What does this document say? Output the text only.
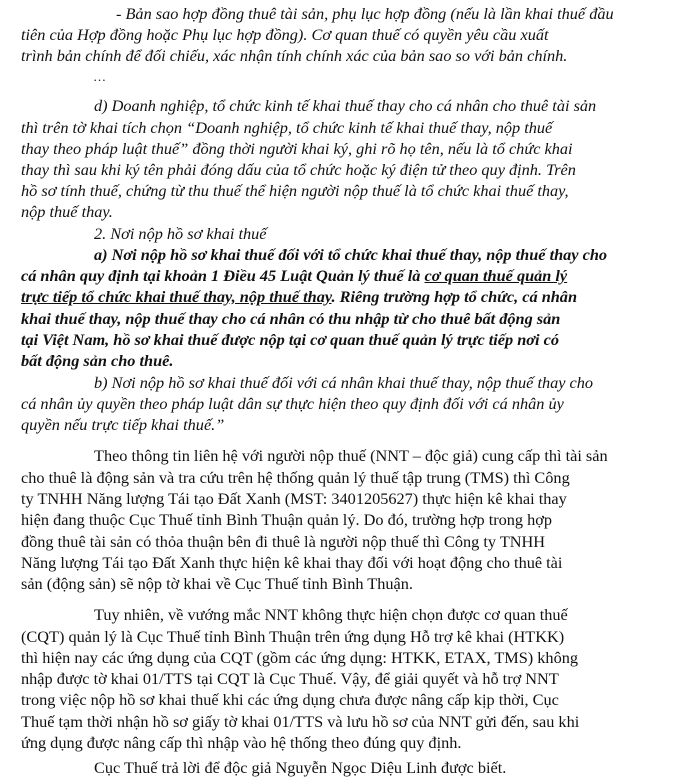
- Bản sao hợp đồng thuê tài sản, phụ lục hợp đồng (nếu là lần khai thuế đầu
tiên của Hợp đồng hoặc Phụ lục hợp đồng). Cơ quan thuế có quyền yêu cầu xuất
trình bản chính để đối chiếu, xác nhận tính chính xác của bản sao so với bản chính.
…
d) Doanh nghiệp, tổ chức kinh tế khai thuế thay cho cá nhân cho thuê tài sản
thì trên tờ khai tích chọn “Doanh nghiệp, tổ chức kinh tế khai thuế thay, nộp thuế
thay theo pháp luật thuế” đồng thời người khai ký, ghi rõ họ tên, nếu là tổ chức khai
thay thì sau khi ký tên phải đóng dấu của tổ chức hoặc ký điện tử theo quy định. Trên
hồ sơ tính thuế, chứng từ thu thuế thể hiện người nộp thuế là tổ chức khai thuế thay,
nộp thuế thay.
2. Nơi nộp hồ sơ khai thuế
a) Nơi nộp hồ sơ khai thuế đối với tổ chức khai thuế thay, nộp thuế thay cho
cá nhân quy định tại khoản 1 Điều 45 Luật Quản lý thuế là cơ quan thuế quản lý
trực tiếp tổ chức khai thuế thay, nộp thuế thay. Riêng trường hợp tổ chức, cá nhân
khai thuế thay, nộp thuế thay cho cá nhân có thu nhập từ cho thuê bất động sản
tại Việt Nam, hồ sơ khai thuế được nộp tại cơ quan thuế quản lý trực tiếp nơi có
bất động sản cho thuê.
b) Nơi nộp hồ sơ khai thuế đối với cá nhân khai thuế thay, nộp thuế thay cho
cá nhân ủy quyền theo pháp luật dân sự thực hiện theo quy định đối với cá nhân ủy
quyền nếu trực tiếp khai thuế.”
Theo thông tin liên hệ với người nộp thuế (NNT – độc giả) cung cấp thì tài sản
cho thuê là động sản và tra cứu trên hệ thống quản lý thuế tập trung (TMS) thì Công
ty TNHH Năng lượng Tái tạo Đất Xanh (MST: 3401205627) thực hiện kê khai thay
hiện đang thuộc Cục Thuế tỉnh Bình Thuận quản lý. Do đó, trường hợp trong hợp
đồng thuê tài sản có thỏa thuận bên đi thuê là người nộp thuế thì Công ty TNHH
Năng lượng Tái tạo Đất Xanh thực hiện kê khai thay đối với hoạt động cho thuê tài
sản (động sản) sẽ nộp tờ khai về Cục Thuế tỉnh Bình Thuận.
Tuy nhiên, về vướng mắc NNT không thực hiện chọn được cơ quan thuế
(CQT) quản lý là Cục Thuế tỉnh Bình Thuận trên ứng dụng Hỗ trợ kê khai (HTKK)
thì hiện nay các ứng dụng của CQT (gồm các ứng dụng: HTKK, ETAX, TMS) không
nhập được tờ khai 01/TTS tại CQT là Cục Thuế. Vậy, để giải quyết và hỗ trợ NNT
trong việc nộp hồ sơ khai thuế khi các ứng dụng chưa được nâng cấp kịp thời, Cục
Thuế tạm thời nhận hồ sơ giấy tờ khai 01/TTS và lưu hồ sơ của NNT gửi đến, sau khi
ứng dụng được nâng cấp thì nhập vào hệ thống theo đúng quy định.
Cục Thuế trả lời để độc giả Nguyễn Ngọc Diệu Linh được biết.
